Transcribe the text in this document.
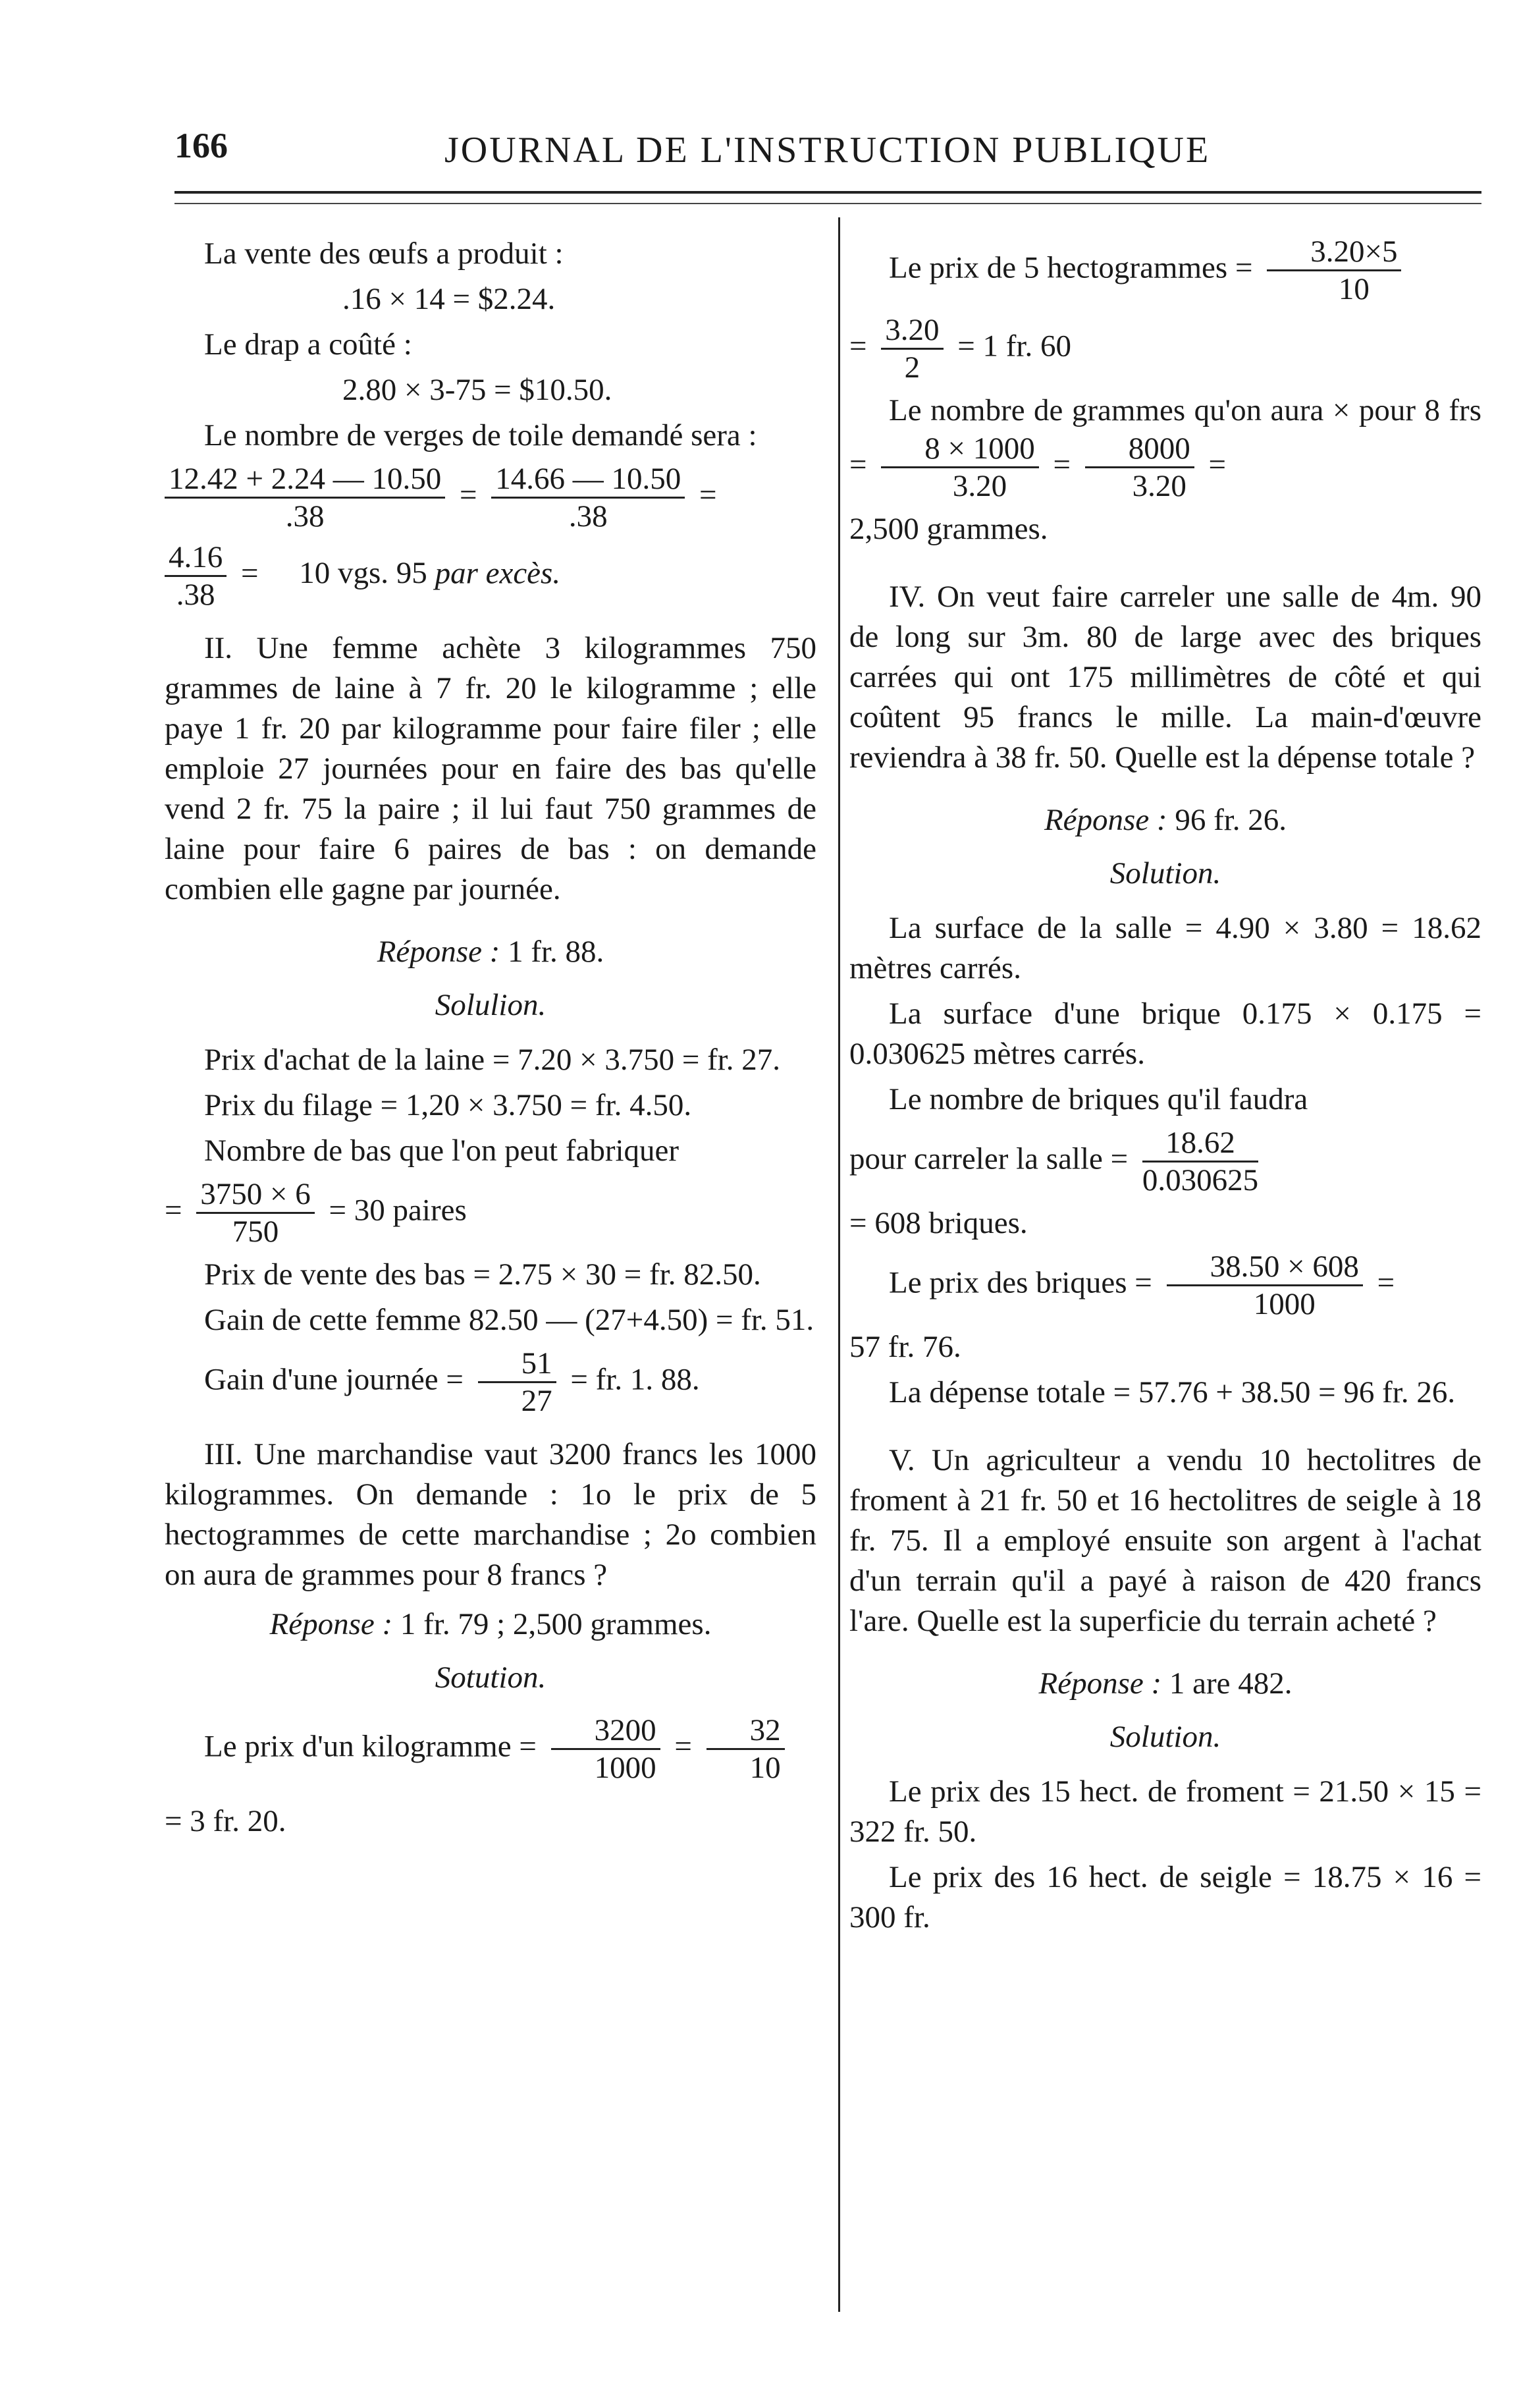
166	JOURNAL DE L'INSTRUCTION PUBLIQUE

La vente des œufs a produit :

.16 × 14 = $2.24.

Le drap a coûté :

2.80 × 3-75 = $10.50.

Le nombre de verges de toile demandé sera :

$\frac{12.42 + 2.24 — 10.50}{.38} = \frac{14.66 — 10.50}{.38}$ =
$\frac{4.16}{.38} = 10$ vgs. 95 par excès.

II. Une femme achète 3 kilogrammes 750 grammes de laine à 7 fr. 20 le kilogramme ; elle paye 1 fr. 20 par kilogramme pour faire filer ; elle emploie 27 journées pour en faire des bas qu'elle vend 2 fr. 75 la paire ; il lui faut 750 grammes de laine pour faire 6 paires de bas : on demande combien elle gagne par journée.

Réponse : 1 fr. 88.

Solulion.

Prix d'achat de la laine = 7.20 × 3.750 = fr. 27.

Prix du filage = 1,20 × 3.750 = fr. 4.50.

Nombre de bas que l'on peut fabriquer

= $\frac{3750 \times 6}{750} = 30$ paires

Prix de vente des bas = 2.75 × 30 = fr. 82.50.

Gain de cette femme 82.50 — (27+4.50) = fr. 51.

Gain d'une journée = $\frac{51}{27}$ = fr. 1. 88.

III. Une marchandise vaut 3200 francs les 1000 kilogrammes. On demande : 1o le prix de 5 hectogrammes de cette marchandise ; 2o combien on aura de grammes pour 8 francs ?

Réponse : 1 fr. 79 ; 2,500 grammes.

Sotution.

Le prix d'un kilogramme = $\frac{3200}{1000} = \frac{32}{10}$

= 3 fr. 20.

Le prix de 5 hectogrammes = $\frac{3.20\times 5}{10}$
= $\frac{3.20}{2} = 1$ fr. 60
Le nombre de grammes qu'on aura × pour 8 frs = $\frac{8 \times 1000}{3.20} = \frac{8000}{3.20}$ =

2,500 grammes.

IV. On veut faire carreler une salle de 4m. 90 de long sur 3m. 80 de large avec des briques carrées qui ont 175 millimètres de côté et qui coûtent 95 francs le mille. La main-d'œuvre reviendra à 38 fr. 50. Quelle est la dépense totale ?

Réponse : 96 fr. 26.

Solution.

La surface de la salle = 4.90 × 3.80 = 18.62 mètres carrés.

La surface d'une brique 0.175 × 0.175 = 0.030625 mètres carrés.

Le nombre de briques qu'il faudra

pour carreler la salle = $\frac{18.62}{0.030625}$

= 608 briques.

Le prix des briques = $\frac{38.50 \times 608}{1000}$ =

57 fr. 76.

La dépense totale = 57.76 + 38.50 = 96 fr. 26.

V. Un agriculteur a vendu 10 hectolitres de froment à 21 fr. 50 et 16 hectolitres de seigle à 18 fr. 75. Il a employé ensuite son argent à l'achat d'un terrain qu'il a payé à raison de 420 francs l'are. Quelle est la superficie du terrain acheté ?

Réponse : 1 are 482.

Solution.

Le prix des 15 hect. de froment = 21.50 × 15 = 322 fr. 50.

Le prix des 16 hect. de seigle = 18.75 × 16 = 300 fr.
